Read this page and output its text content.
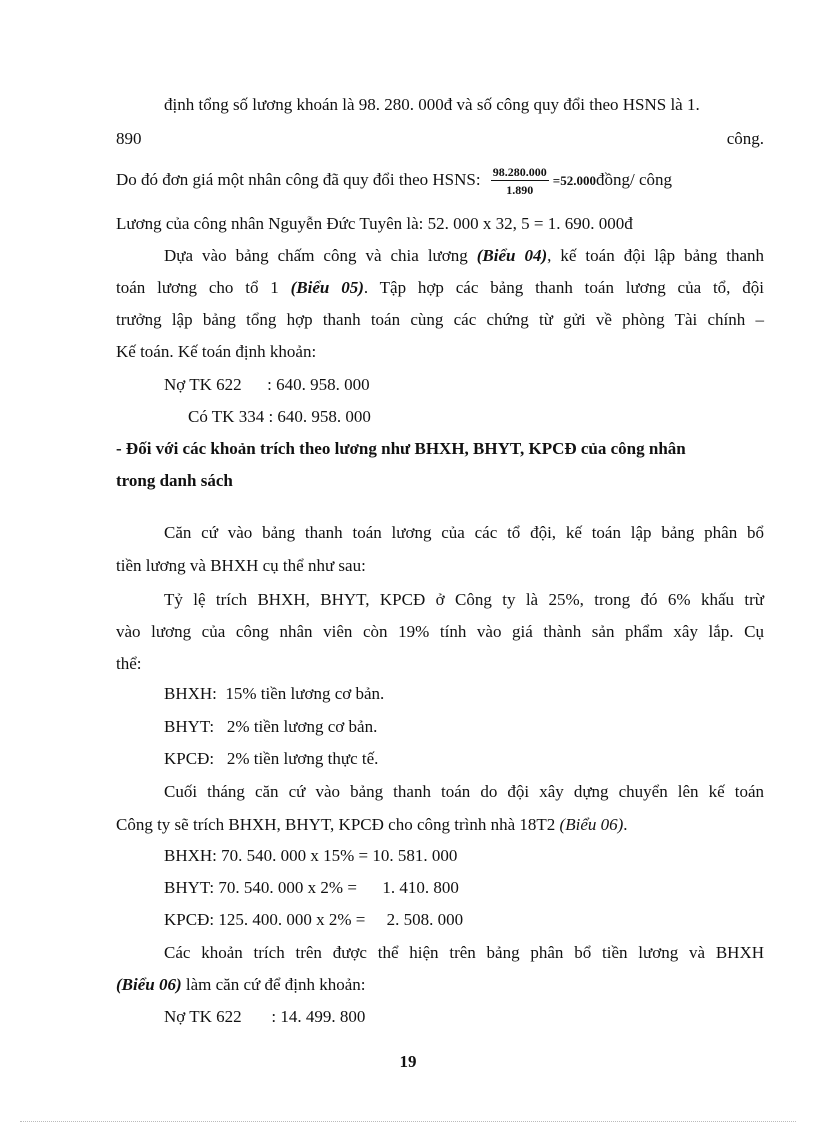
định tổng số lương khoán là 98. 280. 000đ và số công quy đổi theo HSNS là 1.
890	công.
Do đó đơn giá một nhân công đã quy đổi theo HSNS: $\frac{98.280.000}{1.890}$ =52.000đồng/ công
Lương của công nhân Nguyễn Đức Tuyên là: 52. 000 x 32, 5 = 1. 690. 000đ
Dựa vào bảng chấm công và chia lương (Biểu 04), kế toán đội lập bảng thanh
toán lương cho tổ 1 (Biểu 05). Tập hợp các bảng thanh toán lương của tổ, đội
trưởng lập bảng tổng hợp thanh toán cùng các chứng từ gửi về phòng Tài chính –
Kế toán. Kế toán định khoản:
Nợ TK 622      : 640. 958. 000
Có TK 334 : 640. 958. 000
- Đối với các khoản trích theo lương như BHXH, BHYT, KPCĐ của công nhân
trong danh sách
Căn cứ vào bảng thanh toán lương của các tổ đội, kế toán lập bảng phân bổ
tiền lương và BHXH cụ thể như sau:
Tỷ lệ trích BHXH, BHYT, KPCĐ ở Công ty là 25%, trong đó 6% khấu trừ
vào lương của công nhân viên còn 19% tính vào giá thành sản phẩm xây lắp. Cụ
thể:
BHXH:  15% tiền lương cơ bản.
BHYT:   2% tiền lương cơ bản.
KPCĐ:   2% tiền lương thực tế.
Cuối tháng căn cứ vào bảng thanh toán do đội xây dựng chuyển lên kế toán
Công ty sẽ trích BHXH, BHYT, KPCĐ cho công trình nhà 18T2 (Biểu 06).
BHXH: 70. 540. 000 x 15% = 10. 581. 000
BHYT: 70. 540. 000 x 2% =      1. 410. 800
KPCĐ: 125. 400. 000 x 2% =     2. 508. 000
Các khoản trích trên được thể hiện trên bảng phân bổ tiền lương và BHXH
(Biểu 06) làm căn cứ để định khoản:
Nợ TK 622       : 14. 499. 800
19
